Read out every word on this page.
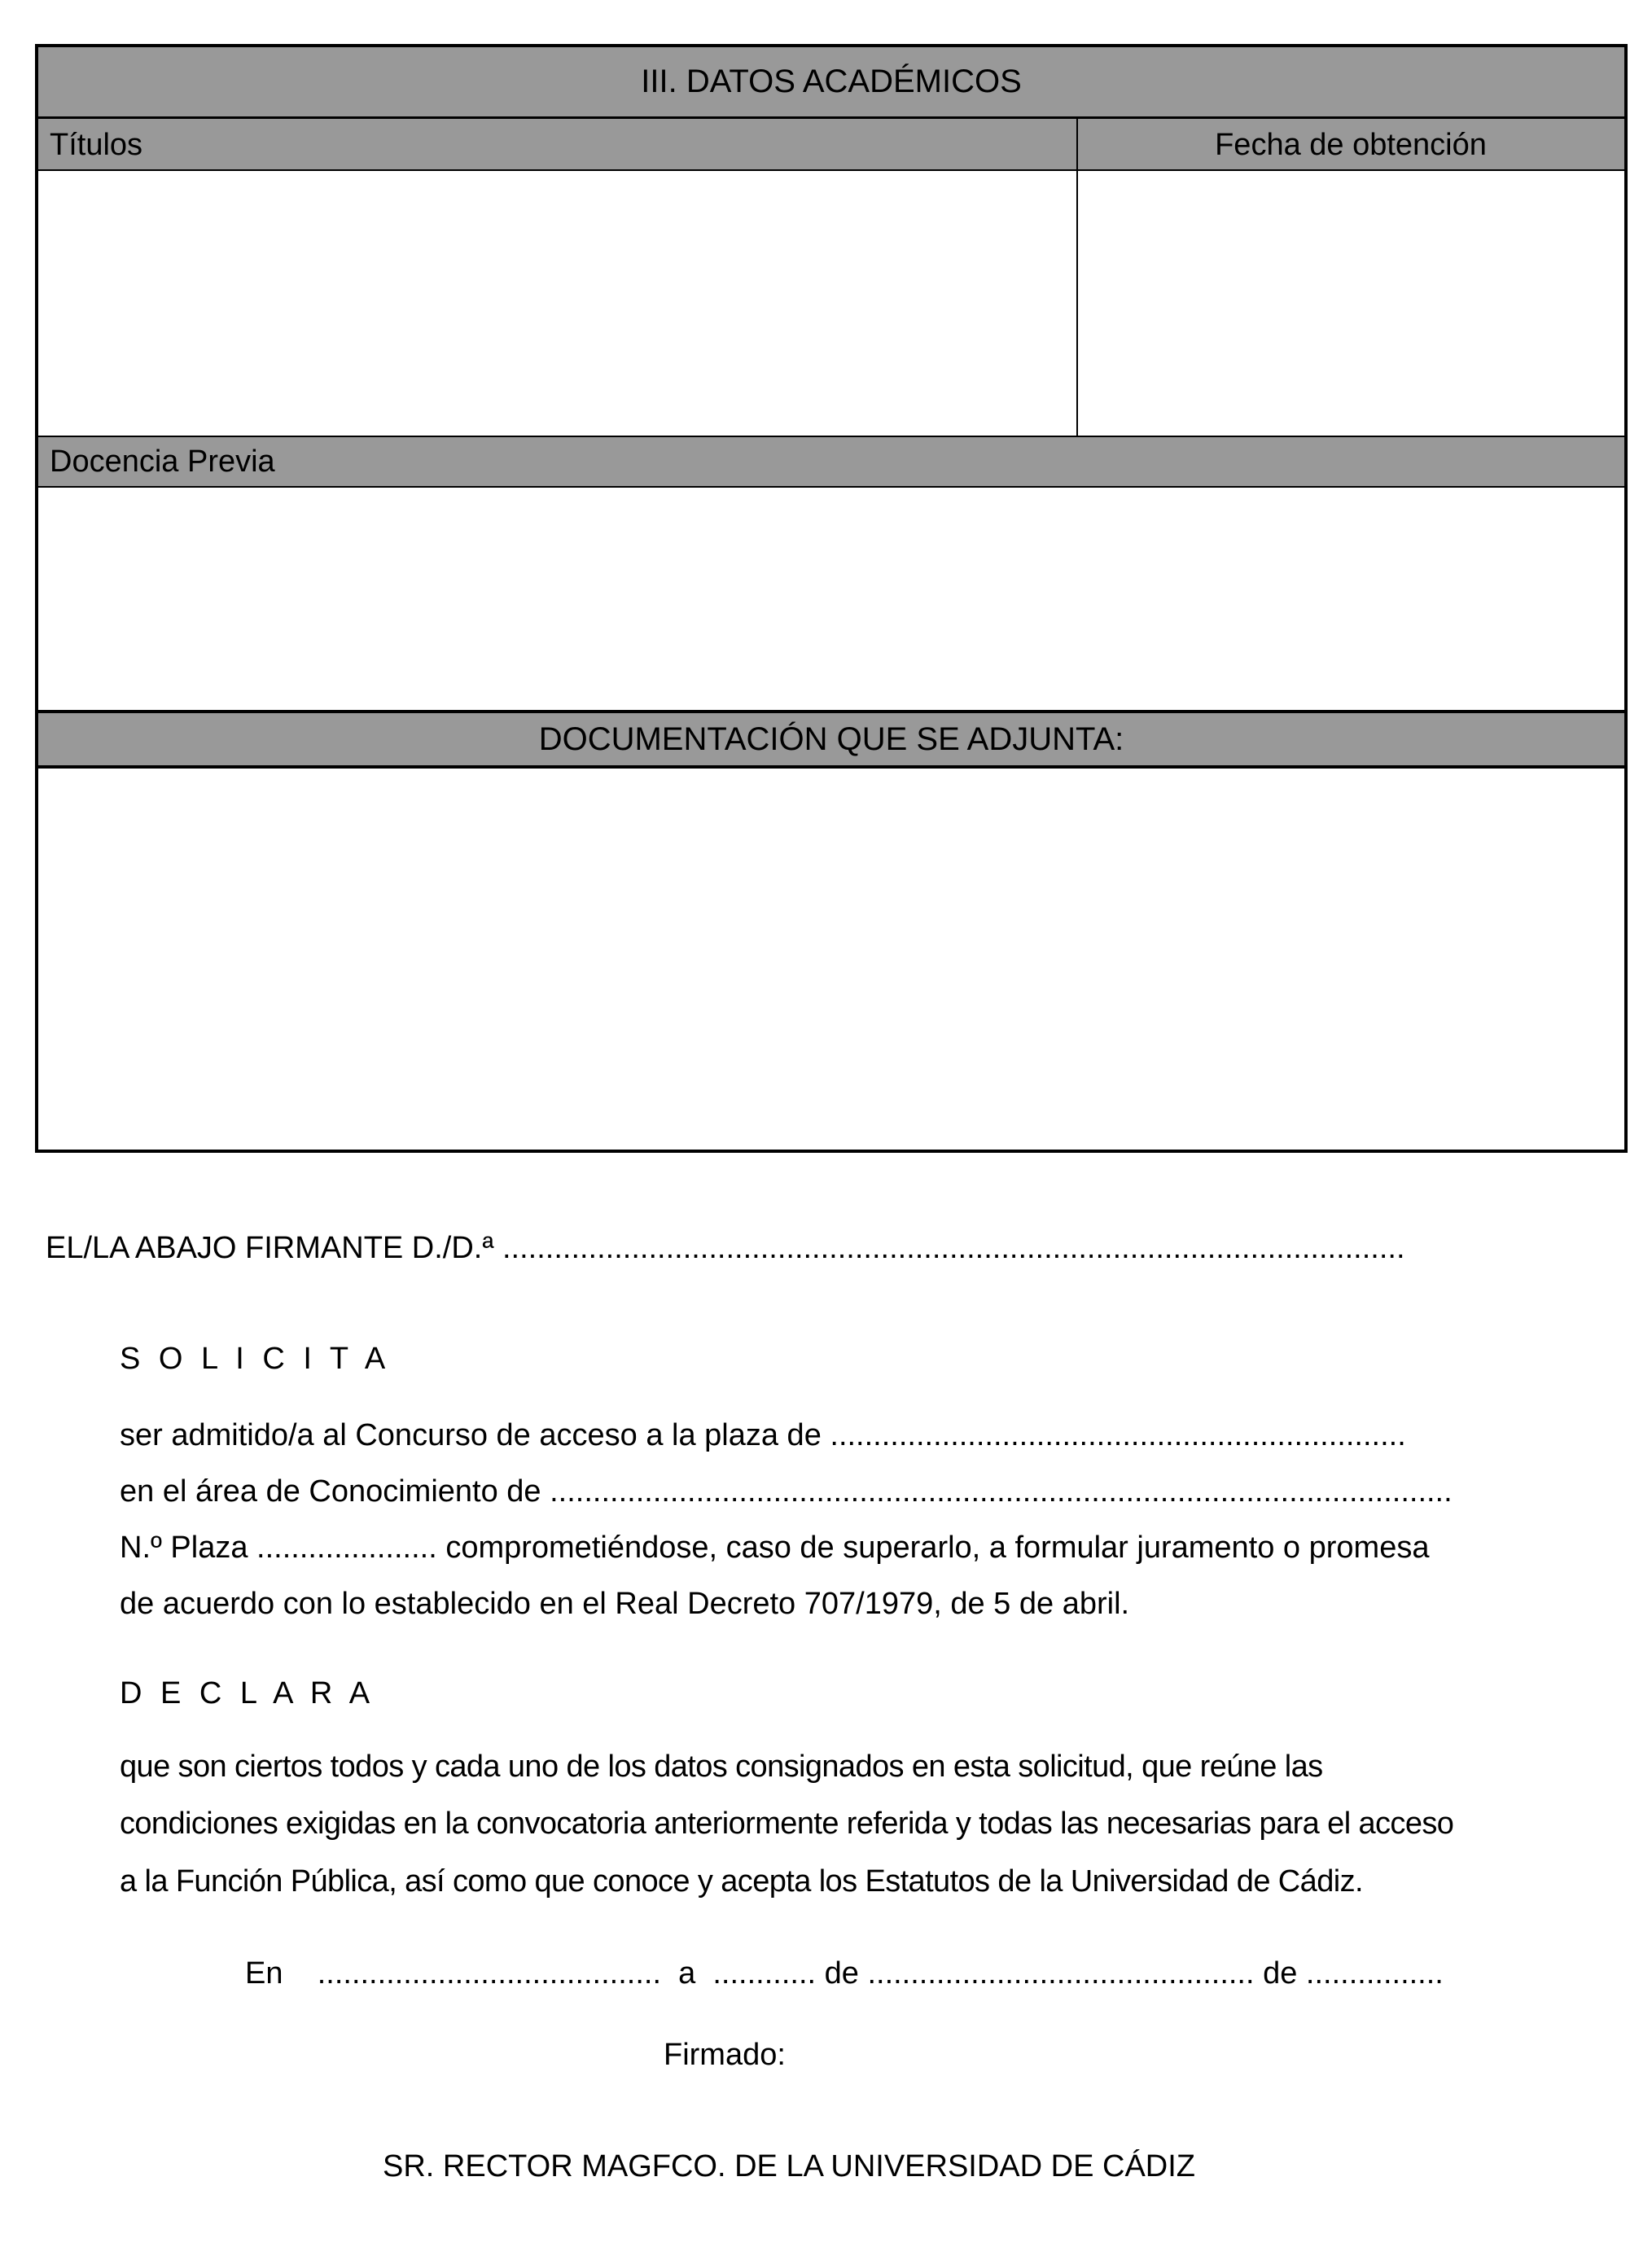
III. DATOS ACADÉMICOS
Títulos	Fecha de obtención
Docencia Previa
DOCUMENTACIÓN QUE SE ADJUNTA:
EL/LA ABAJO FIRMANTE D./D.ª .........................................................................................................
S O L I C I T A
ser admitido/a al Concurso de acceso a la plaza de ...................................................................
en el área de Conocimiento de .........................................................................................................
N.º Plaza ..................... comprometiéndose, caso de superarlo, a formular juramento o promesa
de acuerdo con lo establecido en el Real Decreto 707/1979, de 5 de abril.
D E C L A R A
que son ciertos todos y cada uno de los datos consignados en esta solicitud, que reúne las
condiciones exigidas en la convocatoria anteriormente referida y todas las necesarias para el acceso
a la Función Pública, así como que conoce y acepta los Estatutos de la Universidad de Cádiz.
En    ........................................  a  ............ de ............................................. de ................
Firmado:
SR. RECTOR MAGFCO. DE LA UNIVERSIDAD DE CÁDIZ
